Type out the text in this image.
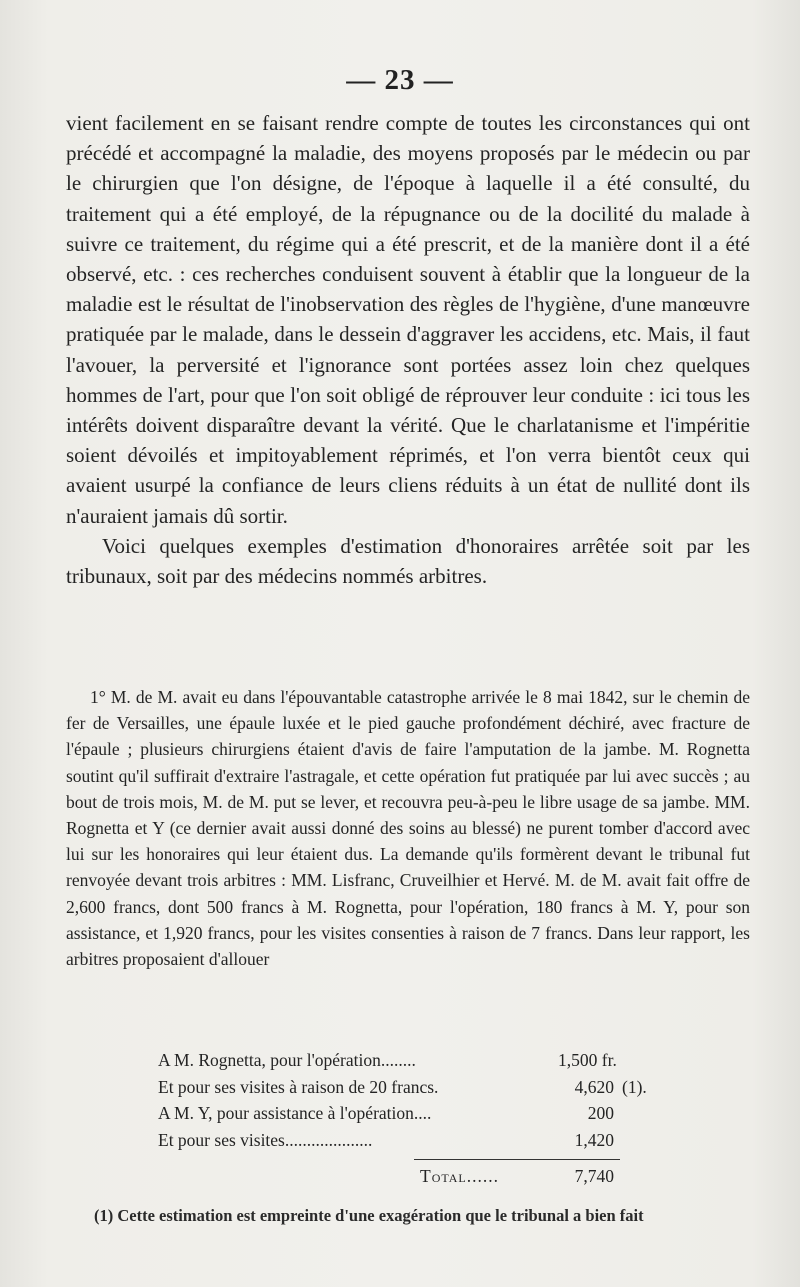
— 23 —

vient facilement en se faisant rendre compte de toutes les circonstances qui ont précédé et accompagné la maladie, des moyens proposés par le médecin ou par le chirurgien que l'on désigne, de l'époque à laquelle il a été consulté, du traitement qui a été employé, de la répugnance ou de la docilité du malade à suivre ce traitement, du régime qui a été prescrit, et de la manière dont il a été observé, etc. : ces recherches conduisent souvent à établir que la longueur de la maladie est le résultat de l'inobservation des règles de l'hygiène, d'une manœuvre pratiquée par le malade, dans le dessein d'aggraver les accidens, etc. Mais, il faut l'avouer, la perversité et l'ignorance sont portées assez loin chez quelques hommes de l'art, pour que l'on soit obligé de réprouver leur conduite : ici tous les intérêts doivent disparaître devant la vérité. Que le charlatanisme et l'impéritie soient dévoilés et impitoyablement réprimés, et l'on verra bientôt ceux qui avaient usurpé la confiance de leurs cliens réduits à un état de nullité dont ils n'auraient jamais dû sortir.

Voici quelques exemples d'estimation d'honoraires arrêtée soit par les tribunaux, soit par des médecins nommés arbitres.

1° M. de M. avait eu dans l'épouvantable catastrophe arrivée le 8 mai 1842, sur le chemin de fer de Versailles, une épaule luxée et le pied gauche profondément déchiré, avec fracture de l'épaule ; plusieurs chirurgiens étaient d'avis de faire l'amputation de la jambe. M. Rognetta soutint qu'il suffirait d'extraire l'astragale, et cette opération fut pratiquée par lui avec succès ; au bout de trois mois, M. de M. put se lever, et recouvra peu-à-peu le libre usage de sa jambe. MM. Rognetta et Y (ce dernier avait aussi donné des soins au blessé) ne purent tomber d'accord avec lui sur les honoraires qui leur étaient dus. La demande qu'ils formèrent devant le tribunal fut renvoyée devant trois arbitres : MM. Lisfranc, Cruveilhier et Hervé. M. de M. avait fait offre de 2,600 francs, dont 500 francs à M. Rognetta, pour l'opération, 180 francs à M. Y, pour son assistance, et 1,920 francs, pour les visites consenties à raison de 7 francs. Dans leur rapport, les arbitres proposaient d'allouer

A M. Rognetta, pour l'opération........	1,500 fr.
Et pour ses visites à raison de 20 francs.	4,620 (1).
A M. Y, pour assistance à l'opération....	200
Et pour ses visites....................	1,420
Total......	7,740
(1) Cette estimation est empreinte d'une exagération que le tribunal a bien fait
